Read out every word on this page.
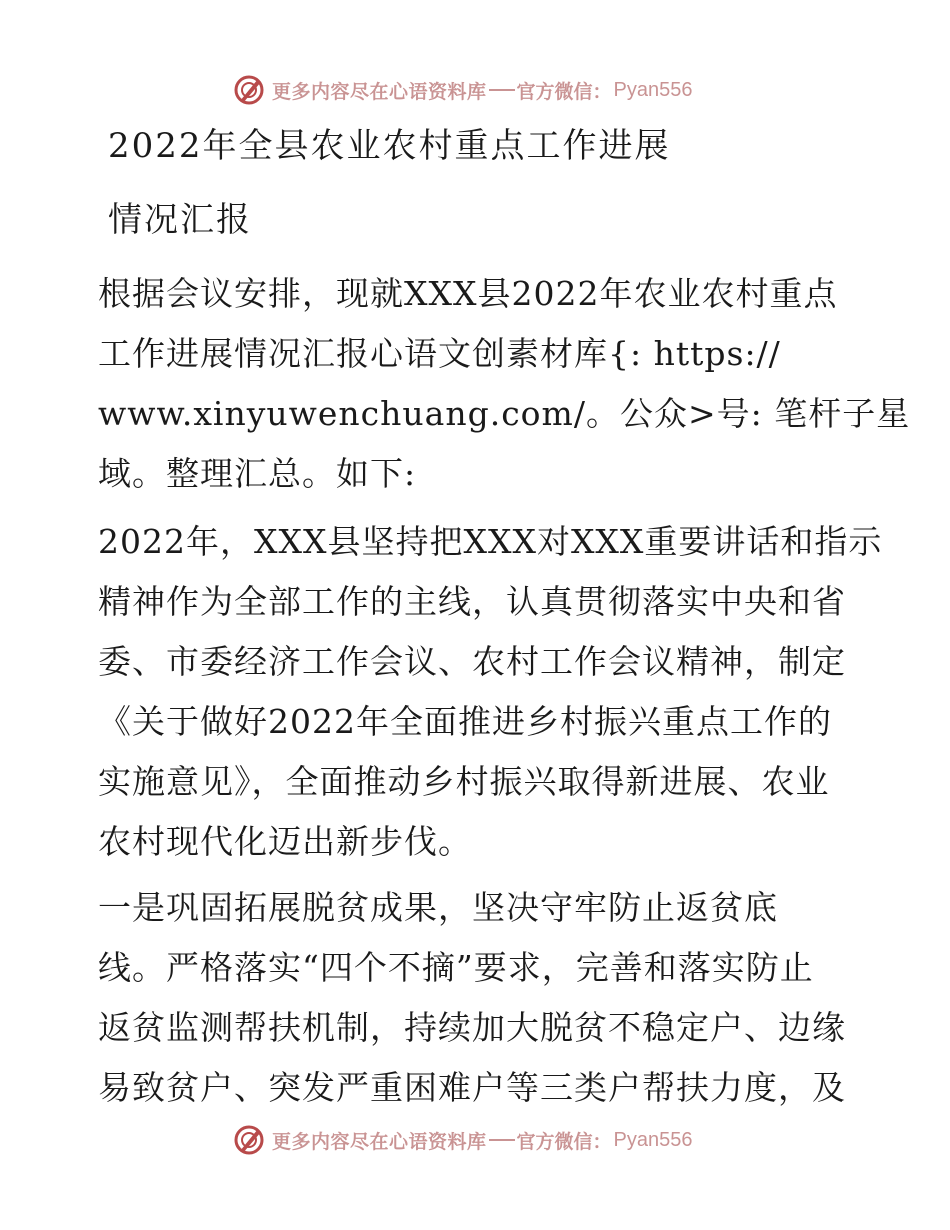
更多内容尽在心语资料库 官方微信： Pyan556
2022年全县农业农村重点工作进展
情况汇报
根据会议安排，现就XXX县2022年农业农村重点
工作进展情况汇报心语文创素材库{: https://
www.xinyuwenchuang.com/。公众>号: 笔杆子星
域。整理汇总。如下:
2022年，XXX县坚持把XXX对XXX重要讲话和指示
精神作为全部工作的主线，认真贯彻落实中央和省
委、市委经济工作会议、农村工作会议精神，制定
《关于做好2022年全面推进乡村振兴重点工作的
实施意见》，全面推动乡村振兴取得新进展、农业
农村现代化迈出新步伐。
一是巩固拓展脱贫成果，坚决守牢防止返贫底
线。严格落实“四个不摘”要求，完善和落实防止
返贫监测帮扶机制，持续加大脱贫不稳定户、边缘
易致贫户、突发严重困难户等三类户帮扶力度，及
更多内容尽在心语资料库 官方微信： Pyan556
